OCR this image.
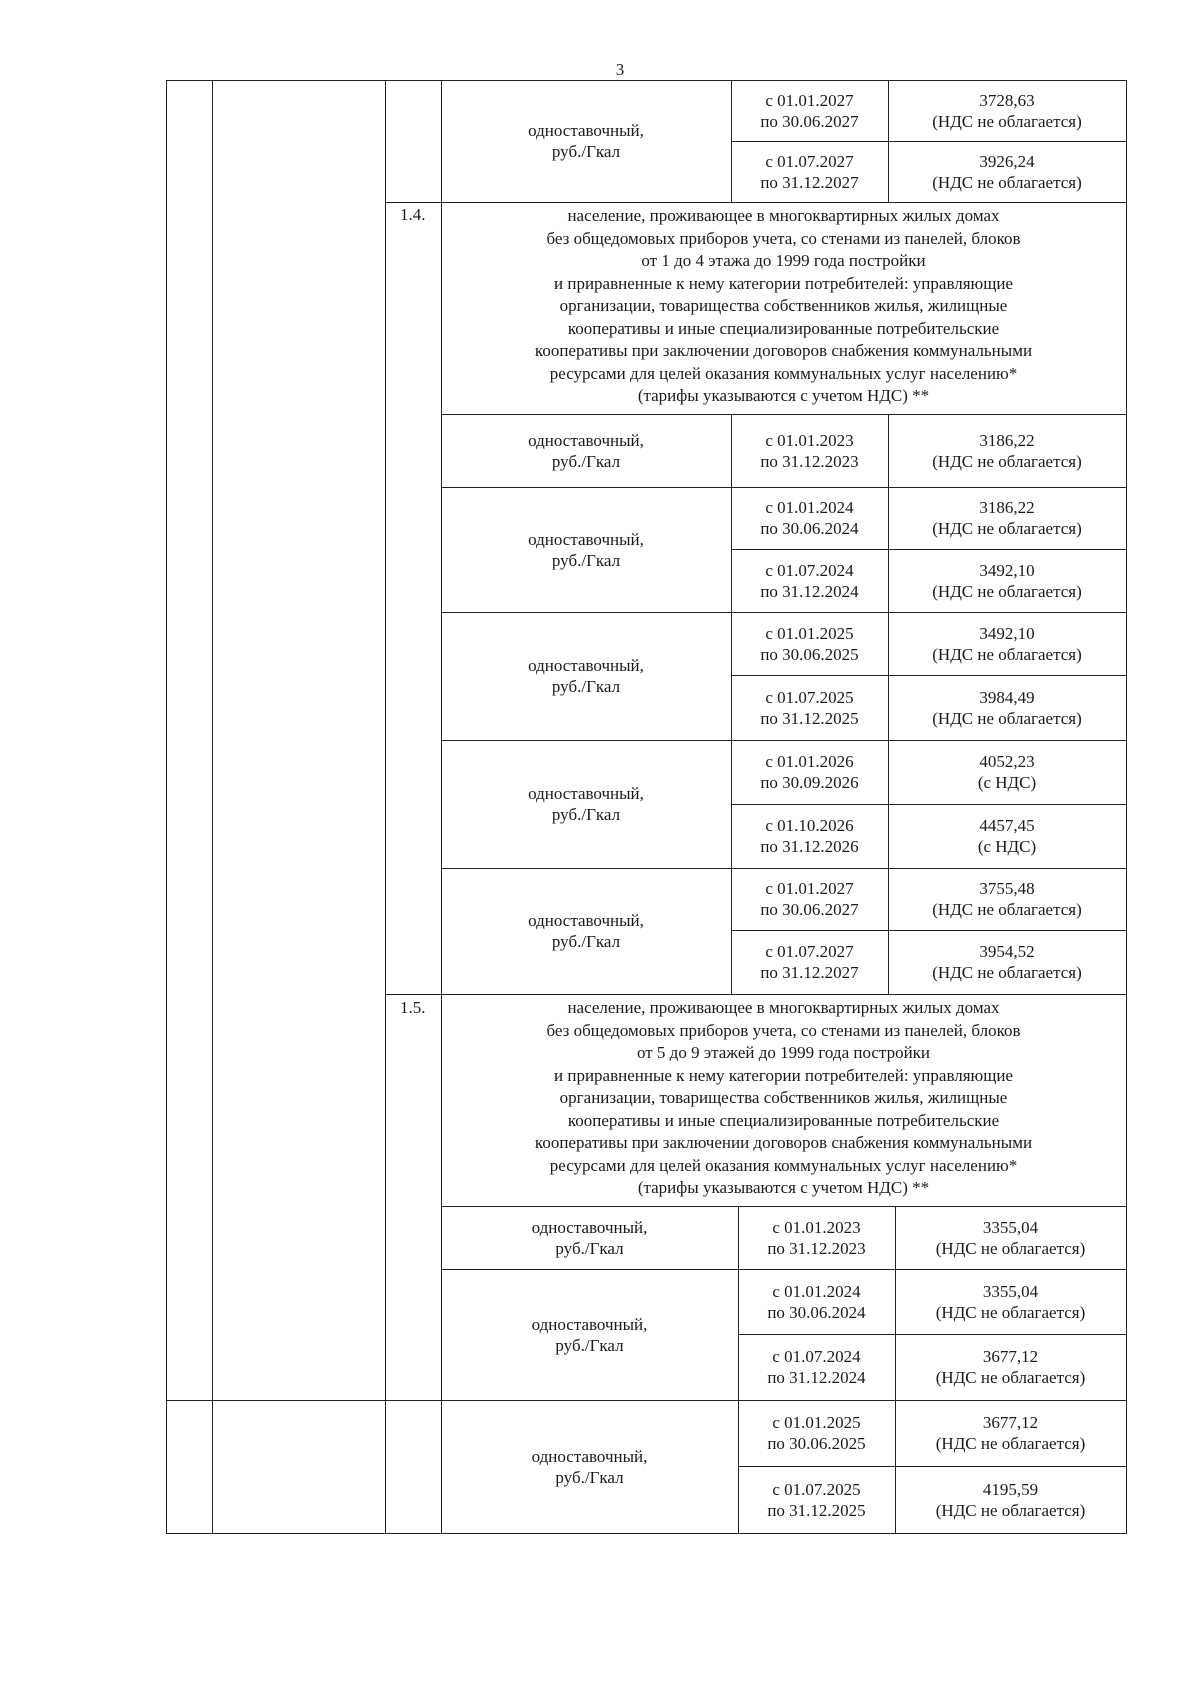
3
одноставочный,
руб./Гкал
с 01.01.2027
по 30.06.2027
3728,63
(НДС не облагается)
с 01.07.2027
по 31.12.2027
3926,24
(НДС не облагается)
1.4.	население, проживающее в многоквартирных жилых домах
без общедомовых приборов учета, со стенами из панелей, блоков
от 1 до 4 этажа до 1999 года постройки
и приравненные к нему категории потребителей: управляющие
организации, товарищества собственников жилья, жилищные
кооперативы и иные специализированные потребительские
кооперативы при заключении договоров снабжения коммунальными
ресурсами для целей оказания коммунальных услуг населению*
(тарифы указываются с учетом НДС) **
одноставочный,
руб./Гкал
с 01.01.2023
по 31.12.2023
3186,22
(НДС не облагается)
одноставочный,
руб./Гкал
с 01.01.2024
по 30.06.2024
3186,22
(НДС не облагается)
с 01.07.2024
по 31.12.2024
3492,10
(НДС не облагается)
одноставочный,
руб./Гкал
с 01.01.2025
по 30.06.2025
3492,10
(НДС не облагается)
с 01.07.2025
по 31.12.2025
3984,49
(НДС не облагается)
одноставочный,
руб./Гкал
с 01.01.2026
по 30.09.2026
4052,23
(с НДС)
с 01.10.2026
по 31.12.2026
4457,45
(с НДС)
одноставочный,
руб./Гкал
с 01.01.2027
по 30.06.2027
3755,48
(НДС не облагается)
с 01.07.2027
по 31.12.2027
3954,52
(НДС не облагается)
1.5.	население, проживающее в многоквартирных жилых домах
без общедомовых приборов учета, со стенами из панелей, блоков
от 5 до 9 этажей до 1999 года постройки
и приравненные к нему категории потребителей: управляющие
организации, товарищества собственников жилья, жилищные
кооперативы и иные специализированные потребительские
кооперативы при заключении договоров снабжения коммунальными
ресурсами для целей оказания коммунальных услуг населению*
(тарифы указываются с учетом НДС) **
одноставочный,
руб./Гкал
с 01.01.2023
по 31.12.2023
3355,04
(НДС не облагается)
одноставочный,
руб./Гкал
с 01.01.2024
по 30.06.2024
3355,04
(НДС не облагается)
с 01.07.2024
по 31.12.2024
3677,12
(НДС не облагается)
одноставочный,
руб./Гкал
с 01.01.2025
по 30.06.2025
3677,12
(НДС не облагается)
с 01.07.2025
по 31.12.2025
4195,59
(НДС не облагается)
